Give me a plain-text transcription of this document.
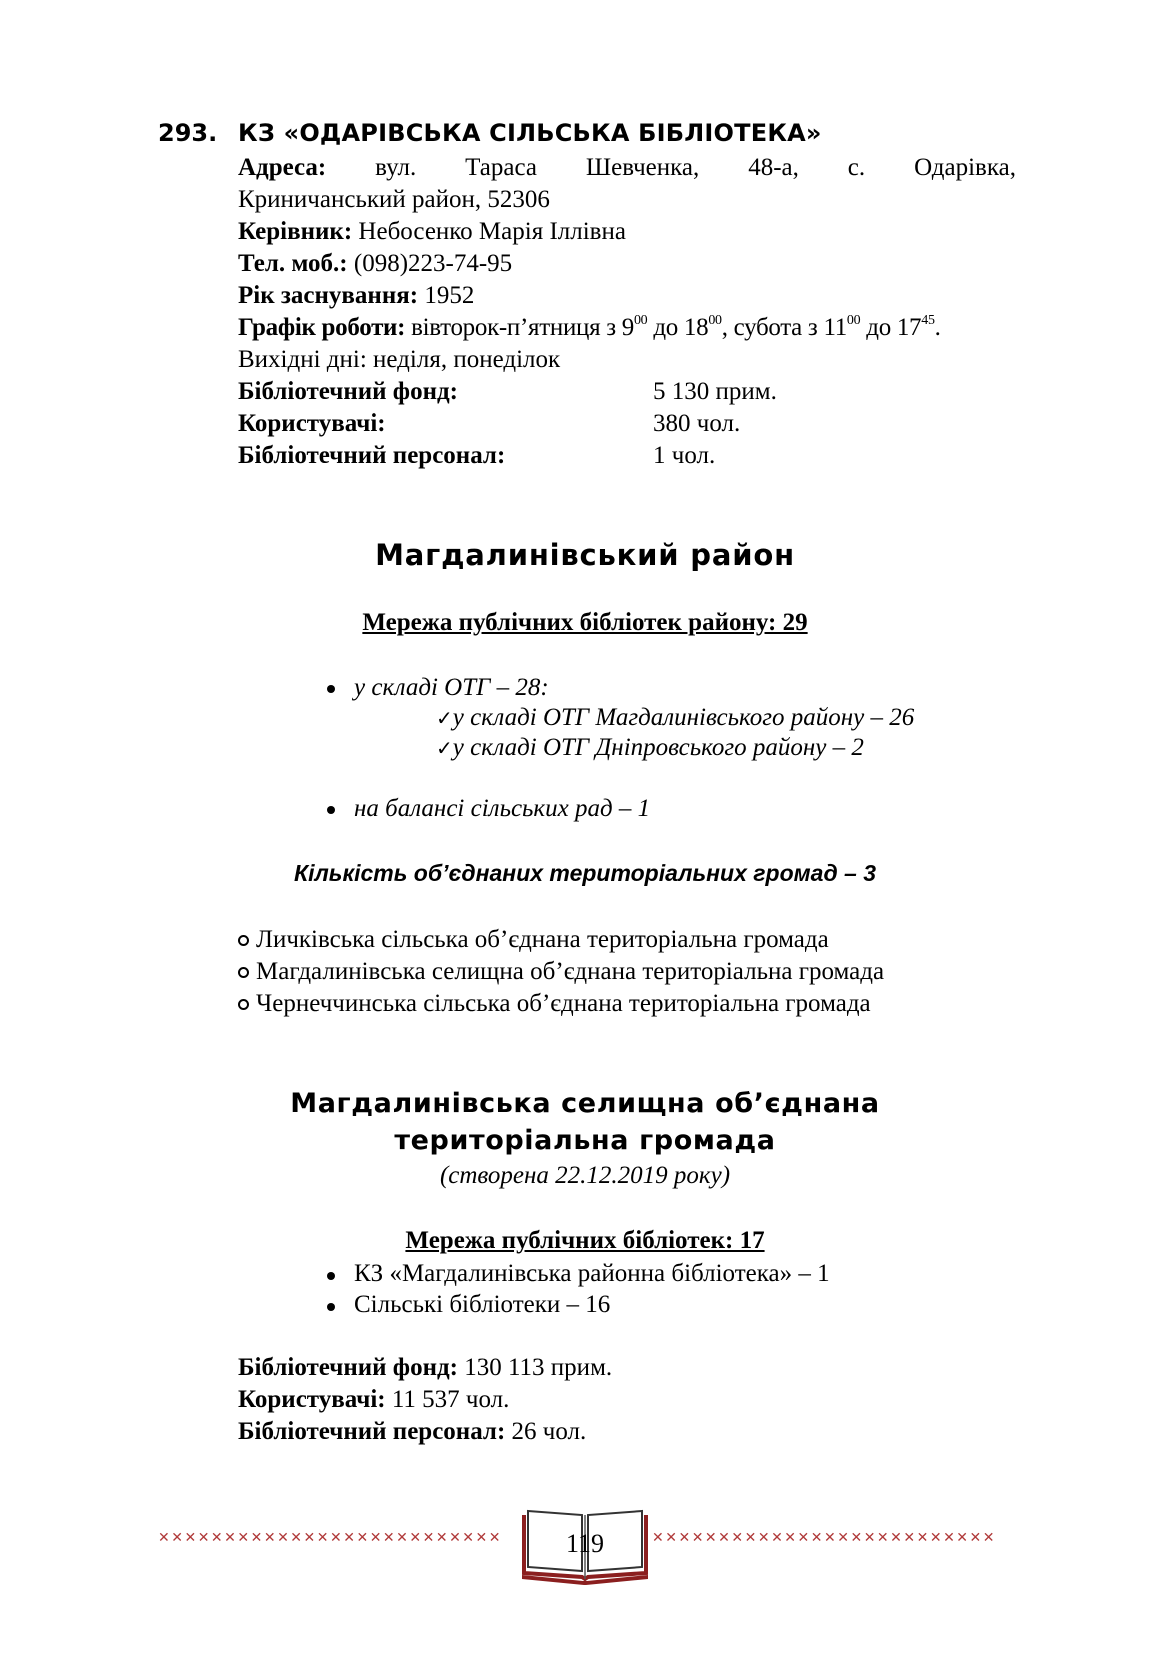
293. КЗ «ОДАРІВСЬКА СІЛЬСЬКА БІБЛІОТЕКА»
Адреса: вул. Тараса Шевченка, 48-а, с. Одарівка,
Криничанський район, 52306
Керівник: Небосенко Марія Іллівна
Тел. моб.: (098)223-74-95
Рік заснування: 1952
Графік роботи: вівторок-п’ятниця з $9^{00}$ до $18^{00}$, субота з $11^{00}$ до $17^{45}$.
Вихідні дні: неділя, понеділок
Бібліотечний фонд:	5 130 прим.
Користувачі:	380 чол.
Бібліотечний персонал:	1 чол.
Магдалинівський район
Мережа публічних бібліотек району: 29
у складі ОТГ – 28:
✓у складі ОТГ Магдалинівського району – 26
✓у складі ОТГ Дніпровського району – 2
на балансі сільських рад – 1
Кількість об’єднаних територіальних громад – 3
Личківська сільська об’єднана територіальна громада
Магдалинівська селищна об’єднана територіальна громада
Чернеччинська сільська об’єднана територіальна громада
Магдалинівська селищна об’єднана
територіальна громада
(створена 22.12.2019 року)
Мережа публічних бібліотек: 17
КЗ «Магдалинівська районна бібліотека» – 1
Сільські бібліотеки – 16
Бібліотечний фонд: 130 113 прим.
Користувачі: 11 537 чол.
Бібліотечний персонал: 26 чол.
✕✕✕✕✕✕✕✕✕✕✕✕✕✕✕✕✕✕✕✕✕✕✕✕✕✕	✕✕✕✕✕✕✕✕✕✕✕✕✕✕✕✕✕✕✕✕✕✕✕✕✕✕
119
